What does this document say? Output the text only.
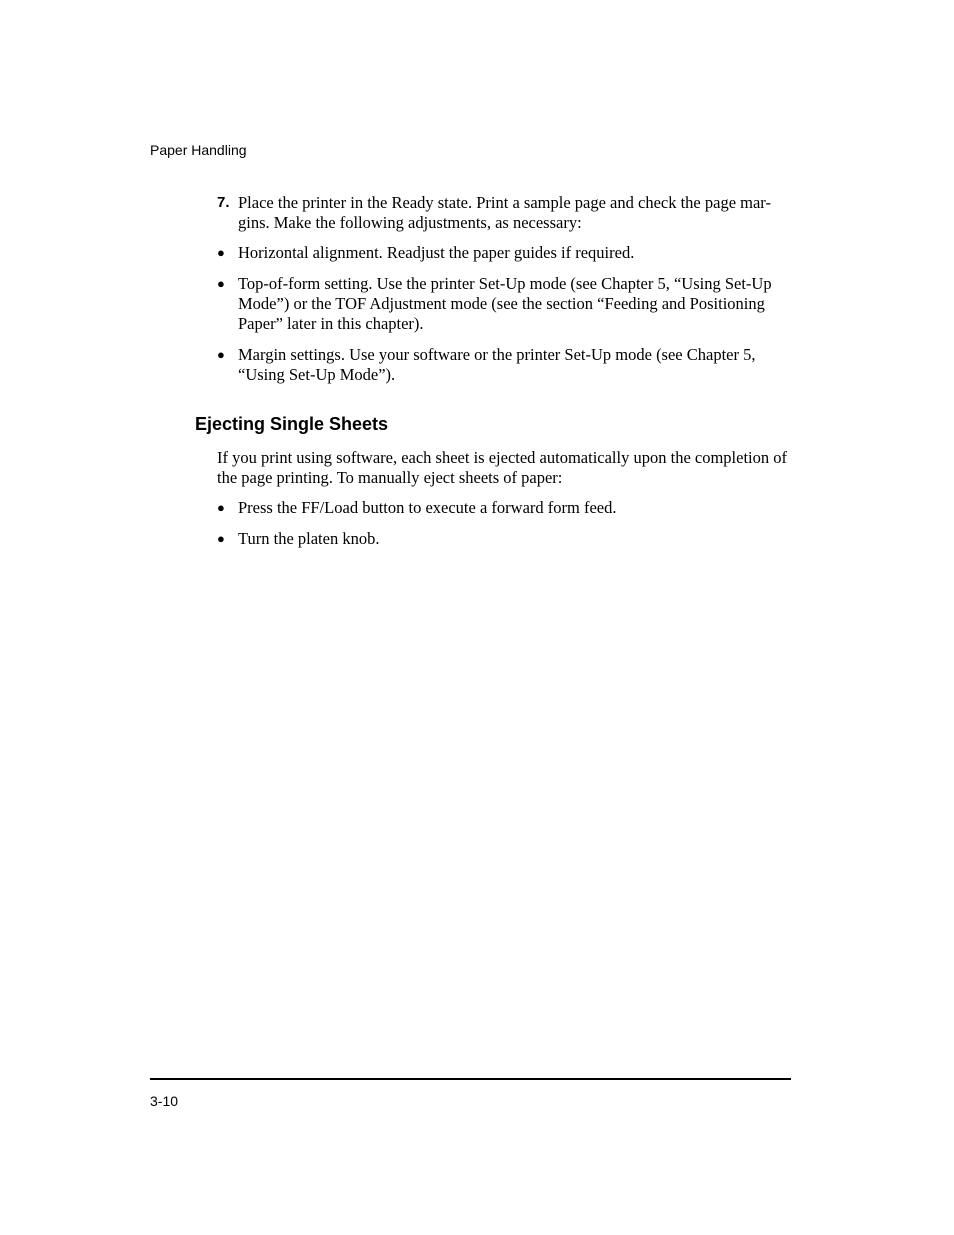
Paper Handling
7. Place the printer in the Ready state. Print a sample page and check the page mar-gins. Make the following adjustments, as necessary:
● Horizontal alignment. Readjust the paper guides if required.
● Top-of-form setting. Use the printer Set-Up mode (see Chapter 5, “Using Set-Up Mode”) or the TOF Adjustment mode (see the section “Feeding and Positioning Paper” later in this chapter).
● Margin settings. Use your software or the printer Set-Up mode (see Chapter 5, “Using Set-Up Mode”).
Ejecting Single Sheets

If you print using software, each sheet is ejected automatically upon the completion of the page printing. To manually eject sheets of paper:

● Press the FF/Load button to execute a forward form feed.
● Turn the platen knob.
3-10
